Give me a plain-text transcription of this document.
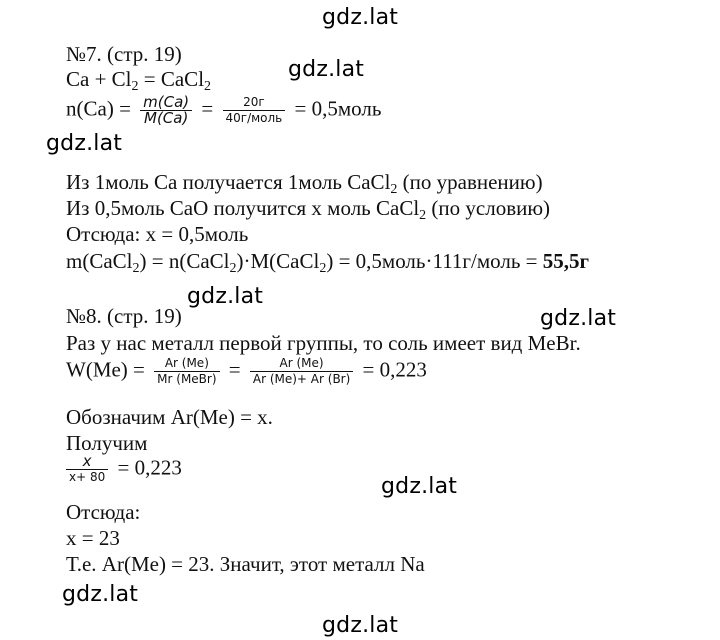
gdz.lat
gdz.lat
gdz.lat
gdz.lat
gdz.lat
gdz.lat
gdz.lat
gdz.lat
№7. (стр. 19)
$Ca + Cl_2$ = CaCl$_2$
$n(Ca) = \frac{m(Ca)}{M(Ca)} = \frac{20г}{\text{40г/моль}}$ = 0,5моль
Из 1моль Са получается 1моль CaCl$_2$ (по уравнению)
Из 0,5моль СаО получится х моль CaCl$_2$ (по условию)
Отсюда: х = 0,5моль
m(CaCl$_2$) = n(CaCl$_2$)·M(CaCl$_2$) = 0,5моль·111г/моль = 55,5г
№8. (стр. 19)
Раз у нас металл первой группы, то соль имеет вид MeBr.
$W(Me) = \frac{Ar (Me)}{\text{Mr (MeBr)}} = \frac{Ar (Me)}{Ar (Me)+ Ar (Br)} = 0,223$
Обозначим Ar(Me) = x.
Получим
$\frac{x}{x+ 80} = 0,223$
Отсюда:
x = 23
Т.е. Ar(Me) = 23. Значит, этот металл Na
